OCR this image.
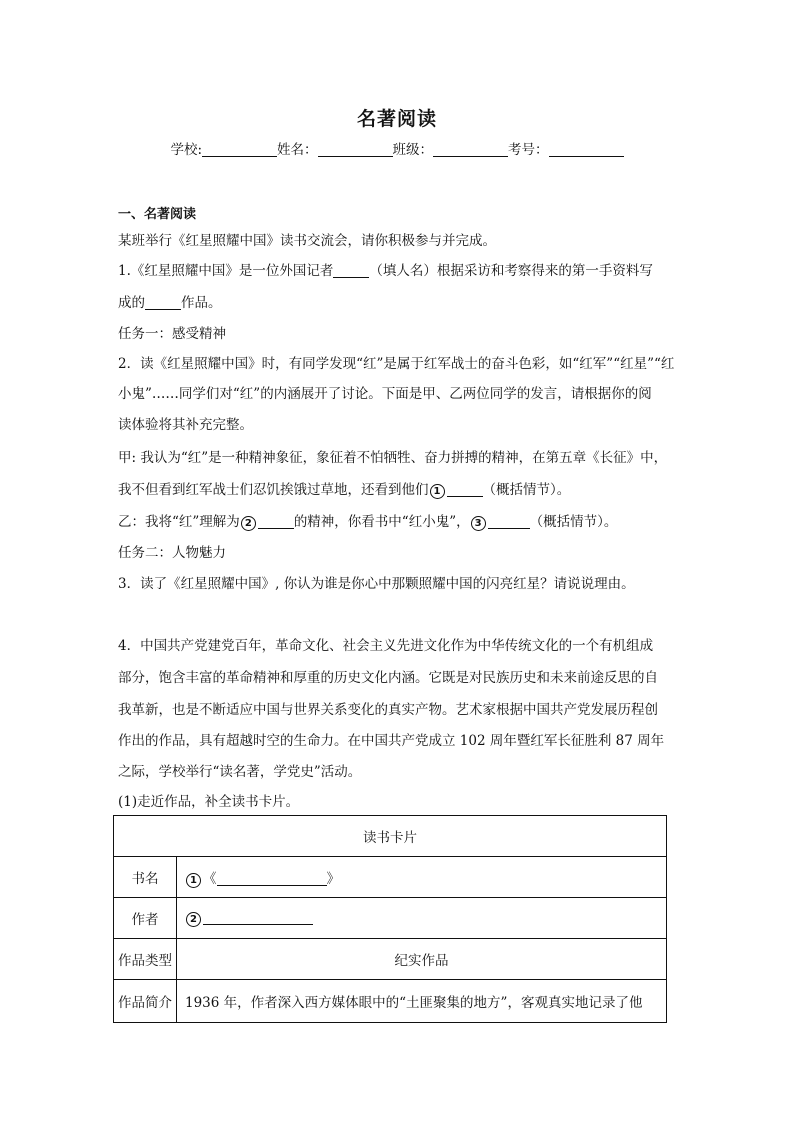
名著阅读
学校:	姓名：	班级：	考号：
一、名著阅读
某班举行《红星照耀中国》读书交流会，请你积极参与并完成。
1.《红星照耀中国》是一位外国记者	（填人名）根据采访和考察得来的第一手资料写
成的	作品。
任务一：感受精神
2．读《红星照耀中国》时，有同学发现“红”是属于红军战士的奋斗色彩，如“红军”“红星”“红
小鬼”……同学们对“红”的内涵展开了讨论。下面是甲、乙两位同学的发言，请根据你的阅
读体验将其补充完整。
甲: 我认为“红”是一种精神象征，象征着不怕牺牲、奋力拼搏的精神，在第五章《长征》中，
我不但看到红军战士们忍饥挨饿过草地，还看到他们 1	（概括情节）。
乙：我将“红”理解为 2	的精神，你看书中“红小鬼”， 3	（概括情节）。
任务二：人物魅力
3．读了《红星照耀中国》, 你认为谁是你心中那颗照耀中国的闪亮红星？请说说理由。
4．中国共产党建党百年，革命文化、社会主义先进文化作为中华传统文化的一个有机组成
部分，饱含丰富的革命精神和厚重的历史文化内涵。它既是对民族历史和未来前途反思的自
我革新，也是不断适应中国与世界关系变化的真实产物。艺术家根据中国共产党发展历程创
作出的作品，具有超越时空的生命力。在中国共产党成立 102 周年暨红军长征胜利 87 周年
之际，学校举行“读名著，学党史”活动。
(1)走近作品，补全读书卡片。
读书卡片	
书名	1 《 》
作者	2
作品类型	纪实作品
作品简介	1936 年，作者深入西方媒体眼中的“土匪聚集的地方”，客观真实地记录了他
